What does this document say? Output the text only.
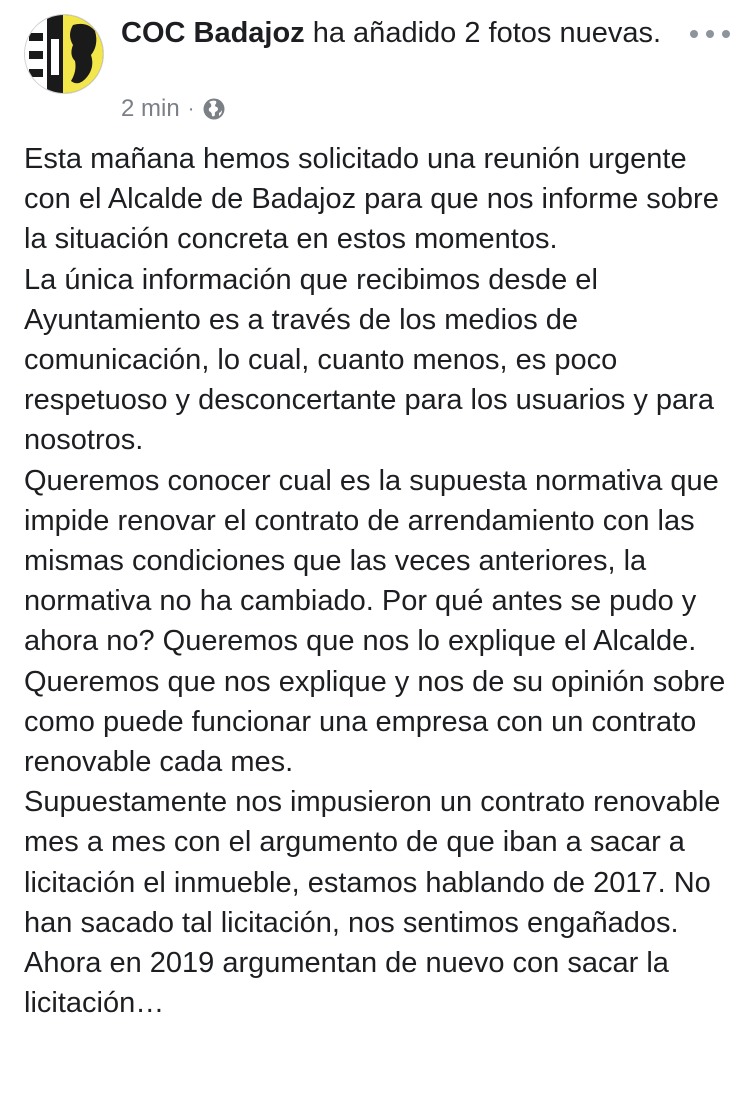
COC Badajoz ha añadido 2 fotos nuevas.
2 min ·

Esta mañana hemos solicitado una reunión urgente con el Alcalde de Badajoz para que nos informe sobre la situación concreta en estos momentos.

La única información que recibimos desde el Ayuntamiento es a través de los medios de comunicación, lo cual, cuanto menos, es poco respetuoso y desconcertante para los usuarios y para nosotros.

Queremos conocer cual es la supuesta normativa que impide renovar el contrato de arrendamiento con las mismas condiciones que las veces anteriores, la normativa no ha cambiado. Por qué antes se pudo y ahora no? Queremos que nos lo explique el Alcalde.

Queremos que nos explique y nos de su opinión sobre como puede funcionar una empresa con un contrato renovable cada mes.

Supuestamente nos impusieron un contrato renovable mes a mes con el argumento de que iban a sacar a licitación el inmueble, estamos hablando de 2017. No han sacado tal licitación, nos sentimos engañados. Ahora en 2019 argumentan de nuevo con sacar la licitación…
